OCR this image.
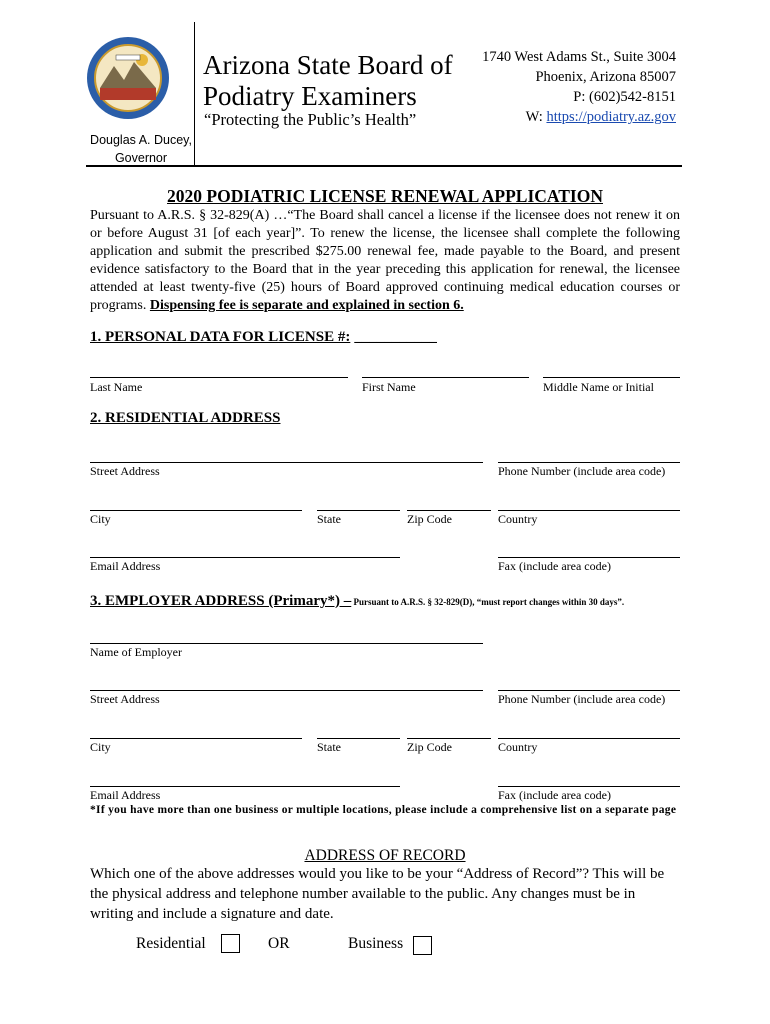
Arizona State Board of
Podiatry Examiners
“Protecting the Public’s Health”
1740 West Adams St., Suite 3004
Phoenix, Arizona 85007
P: (602)542-8151
W: https://podiatry.az.gov
Douglas A. Ducey,
Governor
2020 PODIATRIC LICENSE RENEWAL APPLICATION
Pursuant to A.R.S. § 32-829(A) …“The Board shall cancel a license if the licensee does not renew it on or before August 31 [of each year]”. To renew the license, the licensee shall complete the following application and submit the prescribed $275.00 renewal fee, made payable to the Board, and present evidence satisfactory to the Board that in the year preceding this application for renewal, the licensee attended at least twenty-five (25) hours of Board approved continuing medical education courses or programs. Dispensing fee is separate and explained in section 6.
1. PERSONAL DATA FOR LICENSE #: ___________
Last Name	First Name	Middle Name or Initial
2. RESIDENTIAL ADDRESS
Street Address	Phone Number (include area code)
City	State	Zip Code	Country
Email Address	Fax (include area code)
3. EMPLOYER ADDRESS (Primary*) – Pursuant to A.R.S. § 32-829(D), “must report changes within 30 days”.
Name of Employer
Street Address	Phone Number (include area code)
City	State	Zip Code	Country
Email Address	Fax (include area code)
*If you have more than one business or multiple locations, please include a comprehensive list on a separate page
ADDRESS OF RECORD
Which one of the above addresses would you like to be your “Address of Record”? This will be the physical address and telephone number available to the public. Any changes must be in writing and include a signature and date.
Residential	OR	Business
